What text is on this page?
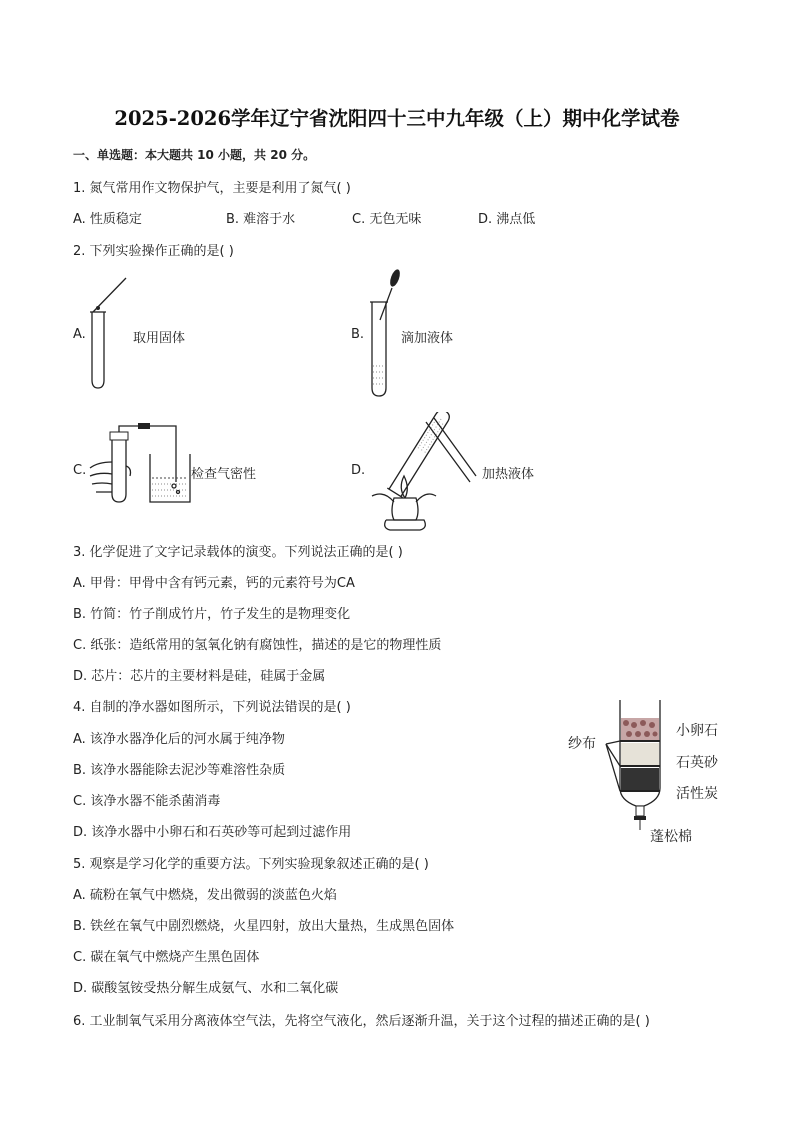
2025-2026学年辽宁省沈阳四十三中九年级（上）期中化学试卷
一、单选题：本大题共 10 小题，共 20 分。
1. 氮气常用作文物保护气，主要是利用了氮气( )
A. 性质稳定	B. 难溶于水	C. 无色无味	D. 沸点低
2. 下列实验操作正确的是( )
A.	取用固体	B.	滴加液体
C.	检查气密性	D.	加热液体
3. 化学促进了文字记录载体的演变。下列说法正确的是( )
A. 甲骨：甲骨中含有钙元素，钙的元素符号为CA
B. 竹简：竹子削成竹片，竹子发生的是物理变化
C. 纸张：造纸常用的氢氧化钠有腐蚀性，描述的是它的物理性质
D. 芯片：芯片的主要材料是硅，硅属于金属
4. 自制的净水器如图所示，下列说法错误的是( )
A. 该净水器净化后的河水属于纯净物
B. 该净水器能除去泥沙等难溶性杂质
C. 该净水器不能杀菌消毒
D. 该净水器中小卵石和石英砂等可起到过滤作用
纱布
小卵石
石英砂
活性炭
蓬松棉
5. 观察是学习化学的重要方法。下列实验现象叙述正确的是( )
A. 硫粉在氧气中燃烧，发出微弱的淡蓝色火焰
B. 铁丝在氧气中剧烈燃烧，火星四射，放出大量热，生成黑色固体
C. 碳在氧气中燃烧产生黑色固体
D. 碳酸氢铵受热分解生成氨气、水和二氧化碳
6. 工业制氧气采用分离液体空气法，先将空气液化，然后逐渐升温，关于这个过程的描述正确的是( )
